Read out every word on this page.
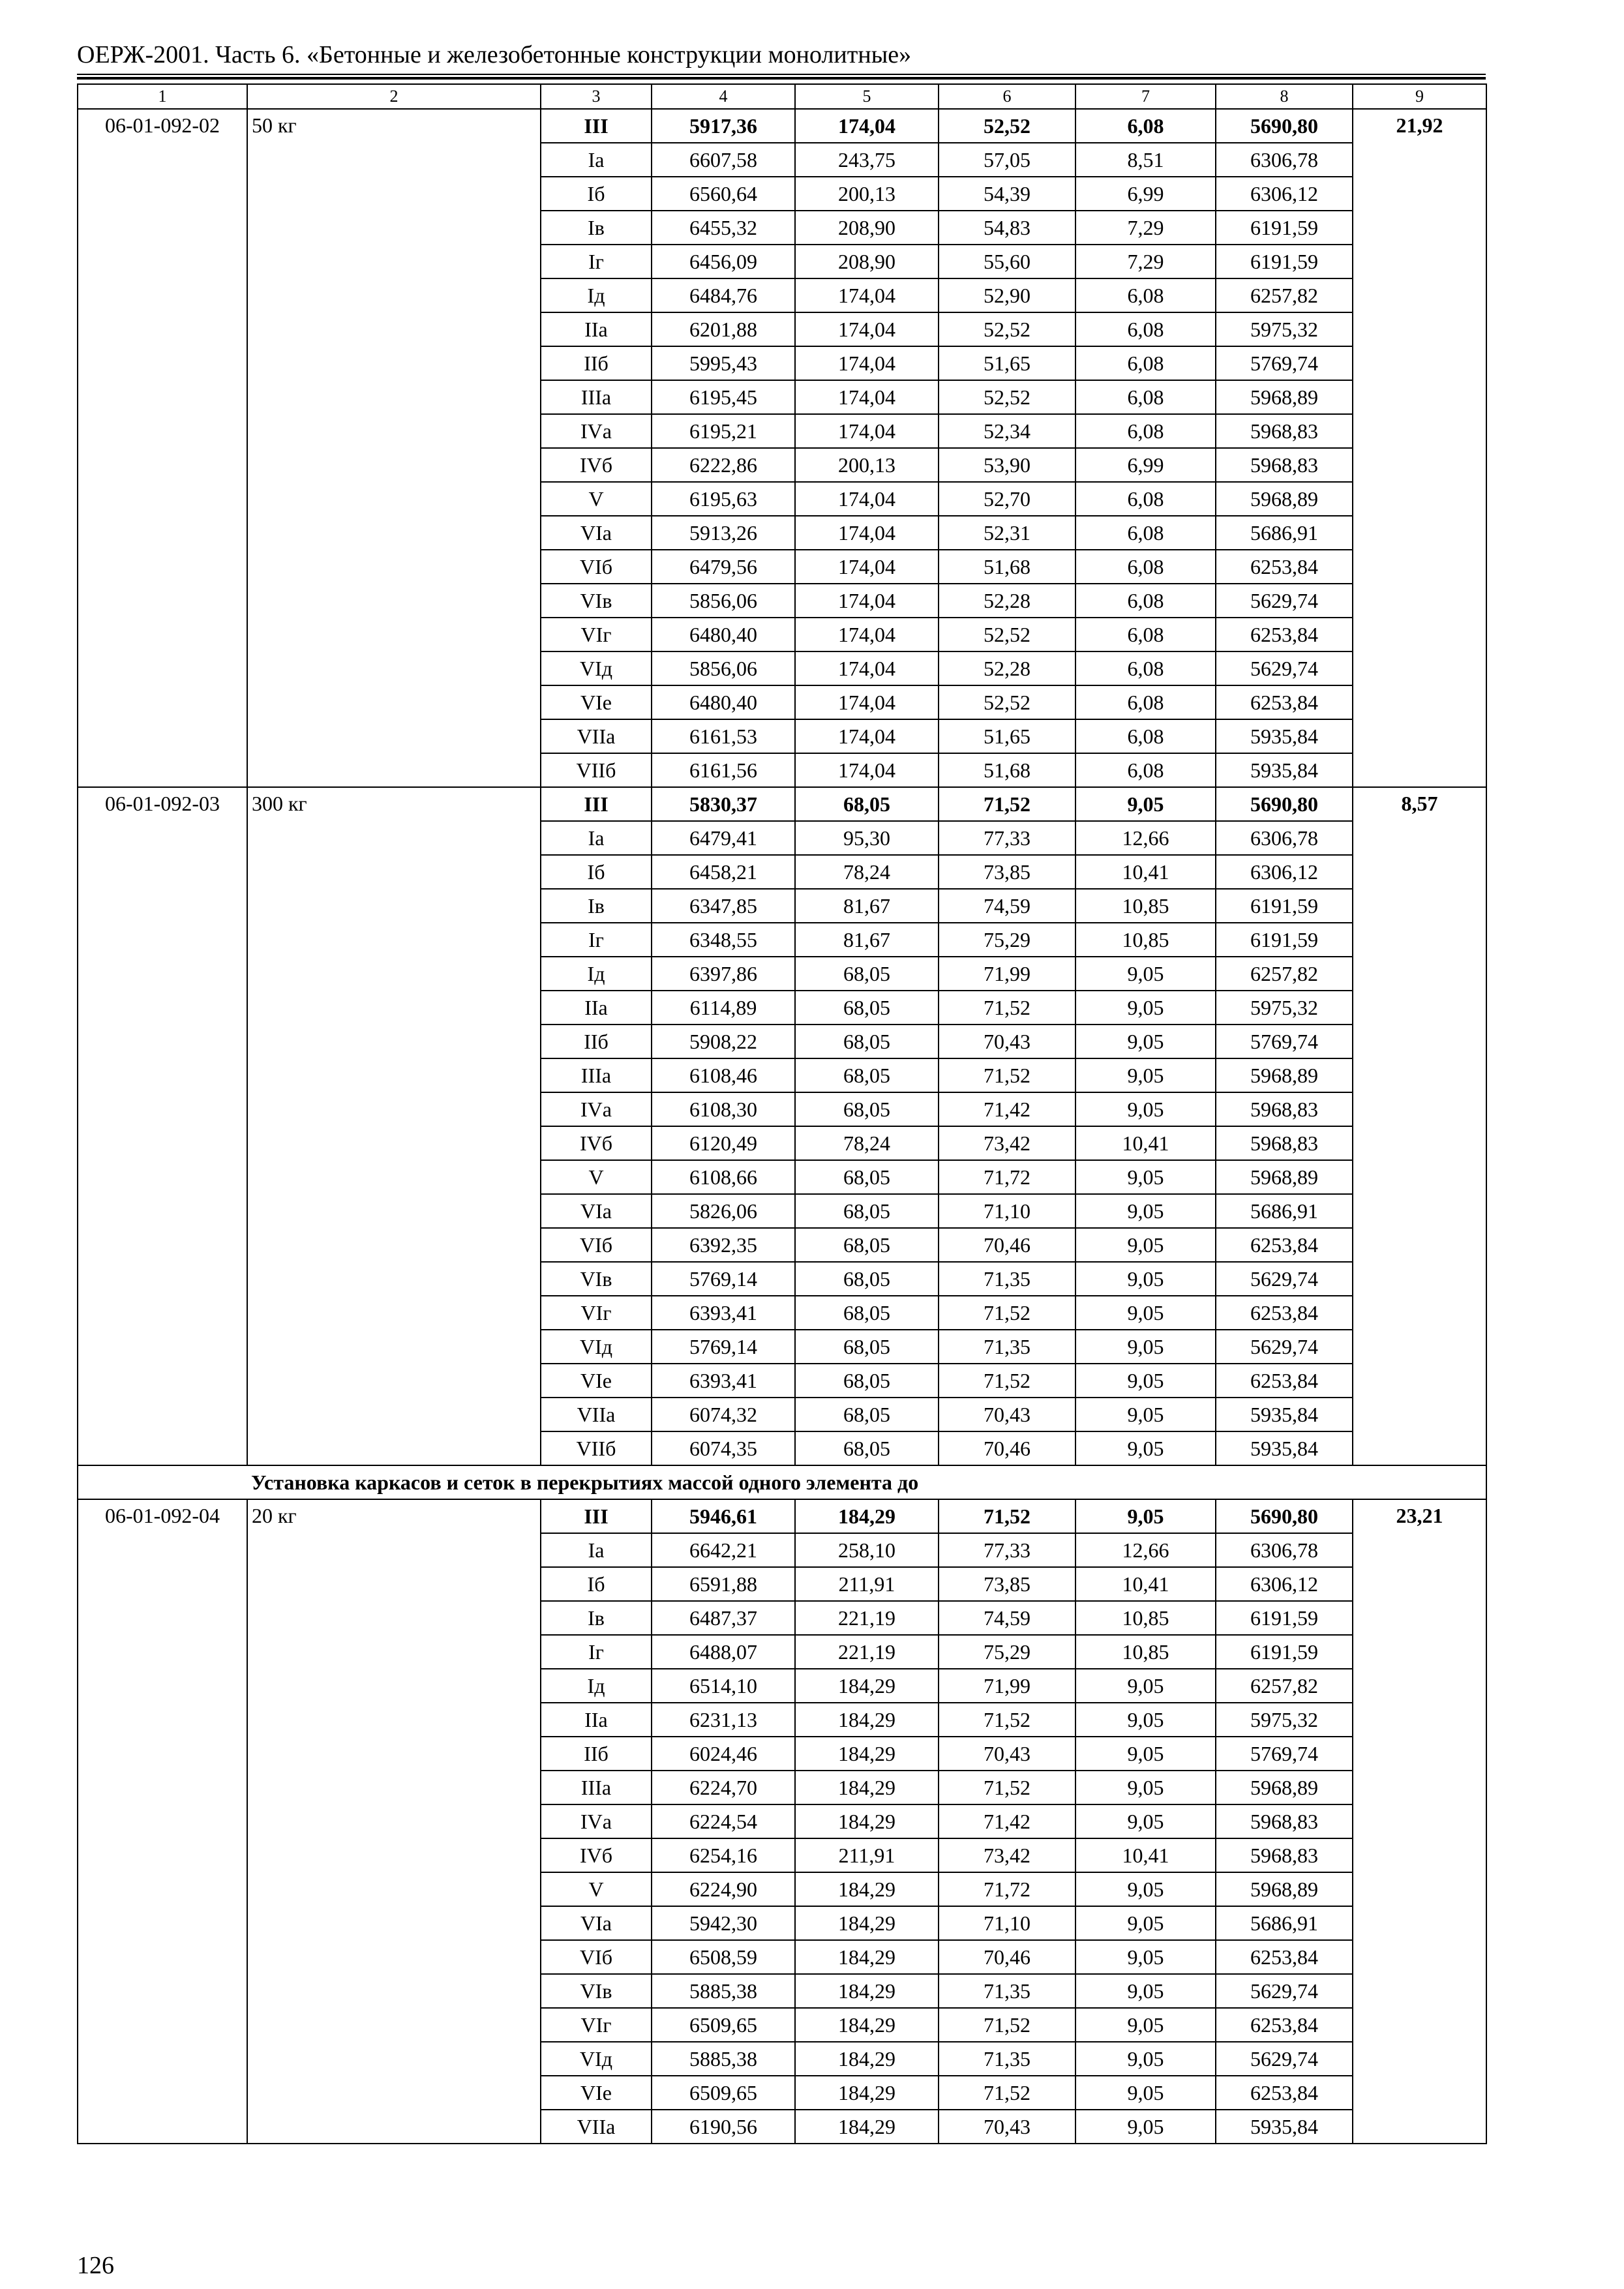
ОЕРЖ-2001. Часть 6. «Бетонные и железобетонные конструкции монолитные»
1	2	3	4	5	6	7	8	9
06-01-092-02	50 кг	III	5917,36	174,04	52,52	6,08	5690,80	21,92
		Iа	6607,58	243,75	57,05	8,51	6306,78	
		Iб	6560,64	200,13	54,39	6,99	6306,12	
		Iв	6455,32	208,90	54,83	7,29	6191,59	
		Iг	6456,09	208,90	55,60	7,29	6191,59	
		Iд	6484,76	174,04	52,90	6,08	6257,82	
		IIа	6201,88	174,04	52,52	6,08	5975,32	
		IIб	5995,43	174,04	51,65	6,08	5769,74	
		IIIа	6195,45	174,04	52,52	6,08	5968,89	
		IVа	6195,21	174,04	52,34	6,08	5968,83	
		IVб	6222,86	200,13	53,90	6,99	5968,83	
		V	6195,63	174,04	52,70	6,08	5968,89	
		VIа	5913,26	174,04	52,31	6,08	5686,91	
		VIб	6479,56	174,04	51,68	6,08	6253,84	
		VIв	5856,06	174,04	52,28	6,08	5629,74	
		VIг	6480,40	174,04	52,52	6,08	6253,84	
		VIд	5856,06	174,04	52,28	6,08	5629,74	
		VIе	6480,40	174,04	52,52	6,08	6253,84	
		VIIа	6161,53	174,04	51,65	6,08	5935,84	
		VIIб	6161,56	174,04	51,68	6,08	5935,84	
06-01-092-03	300 кг	III	5830,37	68,05	71,52	9,05	5690,80	8,57
		Iа	6479,41	95,30	77,33	12,66	6306,78	
		Iб	6458,21	78,24	73,85	10,41	6306,12	
		Iв	6347,85	81,67	74,59	10,85	6191,59	
		Iг	6348,55	81,67	75,29	10,85	6191,59	
		Iд	6397,86	68,05	71,99	9,05	6257,82	
		IIа	6114,89	68,05	71,52	9,05	5975,32	
		IIб	5908,22	68,05	70,43	9,05	5769,74	
		IIIа	6108,46	68,05	71,52	9,05	5968,89	
		IVа	6108,30	68,05	71,42	9,05	5968,83	
		IVб	6120,49	78,24	73,42	10,41	5968,83	
		V	6108,66	68,05	71,72	9,05	5968,89	
		VIа	5826,06	68,05	71,10	9,05	5686,91	
		VIб	6392,35	68,05	70,46	9,05	6253,84	
		VIв	5769,14	68,05	71,35	9,05	5629,74	
		VIг	6393,41	68,05	71,52	9,05	6253,84	
		VIд	5769,14	68,05	71,35	9,05	5629,74	
		VIе	6393,41	68,05	71,52	9,05	6253,84	
		VIIа	6074,32	68,05	70,43	9,05	5935,84	
		VIIб	6074,35	68,05	70,46	9,05	5935,84	
	Установка каркасов и сеток в перекрытиях массой одного элемента до							
06-01-092-04	20 кг	III	5946,61	184,29	71,52	9,05	5690,80	23,21
		Iа	6642,21	258,10	77,33	12,66	6306,78	
		Iб	6591,88	211,91	73,85	10,41	6306,12	
		Iв	6487,37	221,19	74,59	10,85	6191,59	
		Iг	6488,07	221,19	75,29	10,85	6191,59	
		Iд	6514,10	184,29	71,99	9,05	6257,82	
		IIа	6231,13	184,29	71,52	9,05	5975,32	
		IIб	6024,46	184,29	70,43	9,05	5769,74	
		IIIа	6224,70	184,29	71,52	9,05	5968,89	
		IVа	6224,54	184,29	71,42	9,05	5968,83	
		IVб	6254,16	211,91	73,42	10,41	5968,83	
		V	6224,90	184,29	71,72	9,05	5968,89	
		VIа	5942,30	184,29	71,10	9,05	5686,91	
		VIб	6508,59	184,29	70,46	9,05	6253,84	
		VIв	5885,38	184,29	71,35	9,05	5629,74	
		VIг	6509,65	184,29	71,52	9,05	6253,84	
		VIд	5885,38	184,29	71,35	9,05	5629,74	
		VIе	6509,65	184,29	71,52	9,05	6253,84	
		VIIа	6190,56	184,29	70,43	9,05	5935,84	
126
